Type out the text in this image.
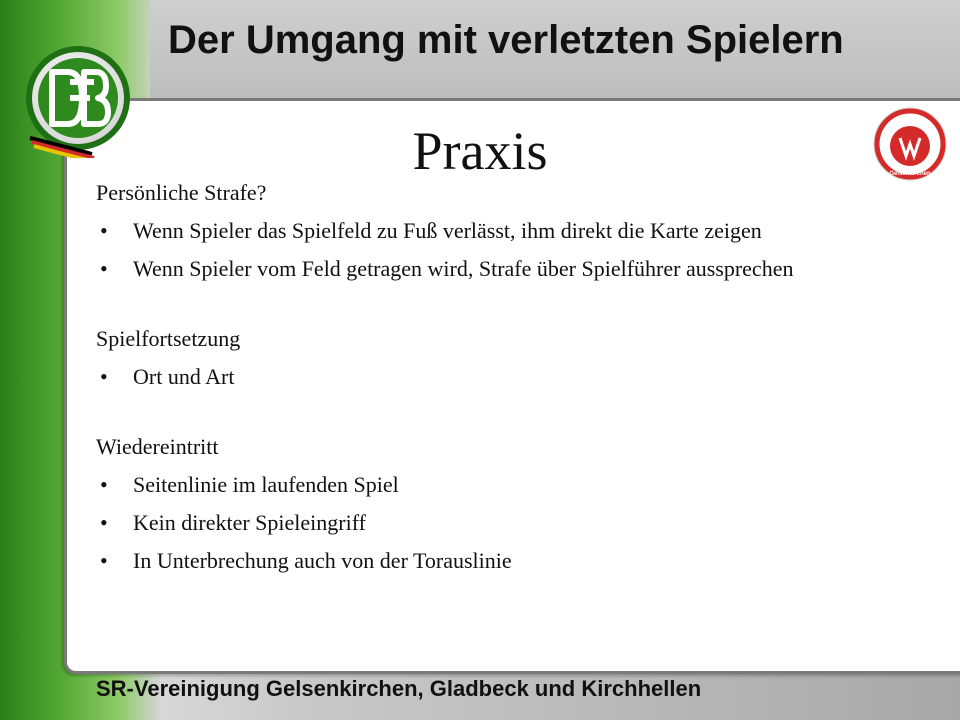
Der Umgang mit verletzten Spielern
Kreis 12
Gelsenkirchen
Praxis

Persönliche Strafe?

• Wenn Spieler das Spielfeld zu Fuß verlässt, ihm direkt die Karte zeigen
• Wenn Spieler vom Feld getragen wird, Strafe über Spielführer aussprechen

Spielfortsetzung

• Ort und Art

Wiedereintritt

• Seitenlinie im laufenden Spiel
• Kein direkter Spieleingriff
• In Unterbrechung auch von der Torauslinie
SR-Vereinigung Gelsenkirchen, Gladbeck und Kirchhellen
